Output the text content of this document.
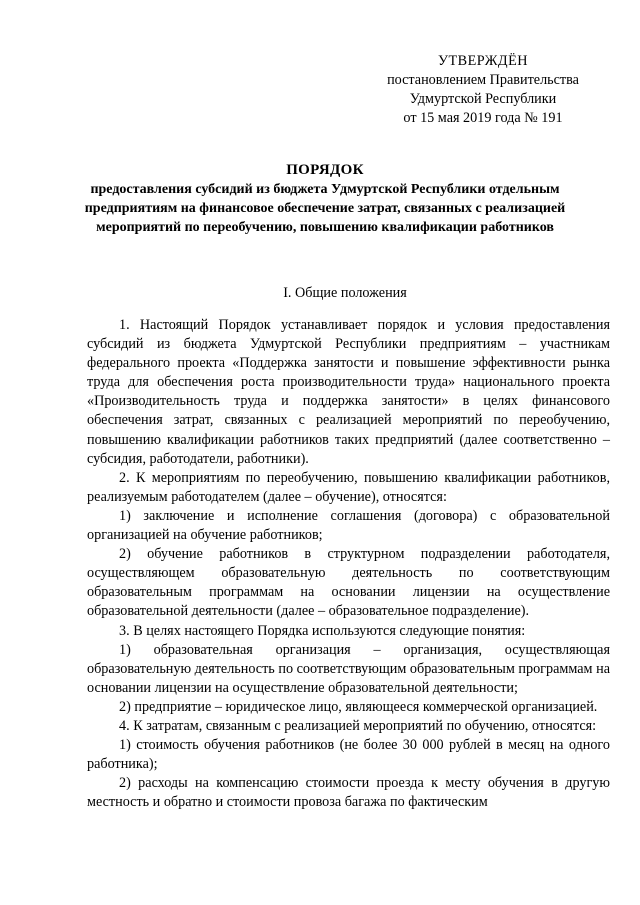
УТВЕРЖДЁН
постановлением Правительства
Удмуртской Республики
от 15 мая 2019 года № 191
ПОРЯДОК
предоставления субсидий из бюджета Удмуртской Республики отдельным предприятиям на финансовое обеспечение затрат, связанных с реализацией мероприятий по переобучению, повышению квалификации работников
I. Общие положения

1. Настоящий Порядок устанавливает порядок и условия предоставления субсидий из бюджета Удмуртской Республики предприятиям – участникам федерального проекта «Поддержка занятости и повышение эффективности рынка труда для обеспечения роста производительности труда» национального проекта «Производительность труда и поддержка занятости» в целях финансового обеспечения затрат, связанных с реализацией мероприятий по переобучению, повышению квалификации работников таких предприятий (далее соответственно – субсидия, работодатели, работники).

2. К мероприятиям по переобучению, повышению квалификации работников, реализуемым работодателем (далее – обучение), относятся:

1) заключение и исполнение соглашения (договора) с образовательной организацией на обучение работников;

2) обучение работников в структурном подразделении работодателя, осуществляющем образовательную деятельность по соответствующим образовательным программам на основании лицензии на осуществление образовательной деятельности (далее – образовательное подразделение).

3. В целях настоящего Порядка используются следующие понятия:

1) образовательная организация – организация, осуществляющая образовательную деятельность по соответствующим образовательным программам на основании лицензии на осуществление образовательной деятельности;

2) предприятие – юридическое лицо, являющееся коммерческой организацией.

4. К затратам, связанным с реализацией мероприятий по обучению, относятся:

1) стоимость обучения работников (не более 30 000 рублей в месяц на одного работника);

2) расходы на компенсацию стоимости проезда к месту обучения в другую местность и обратно и стоимости провоза багажа по фактическим
